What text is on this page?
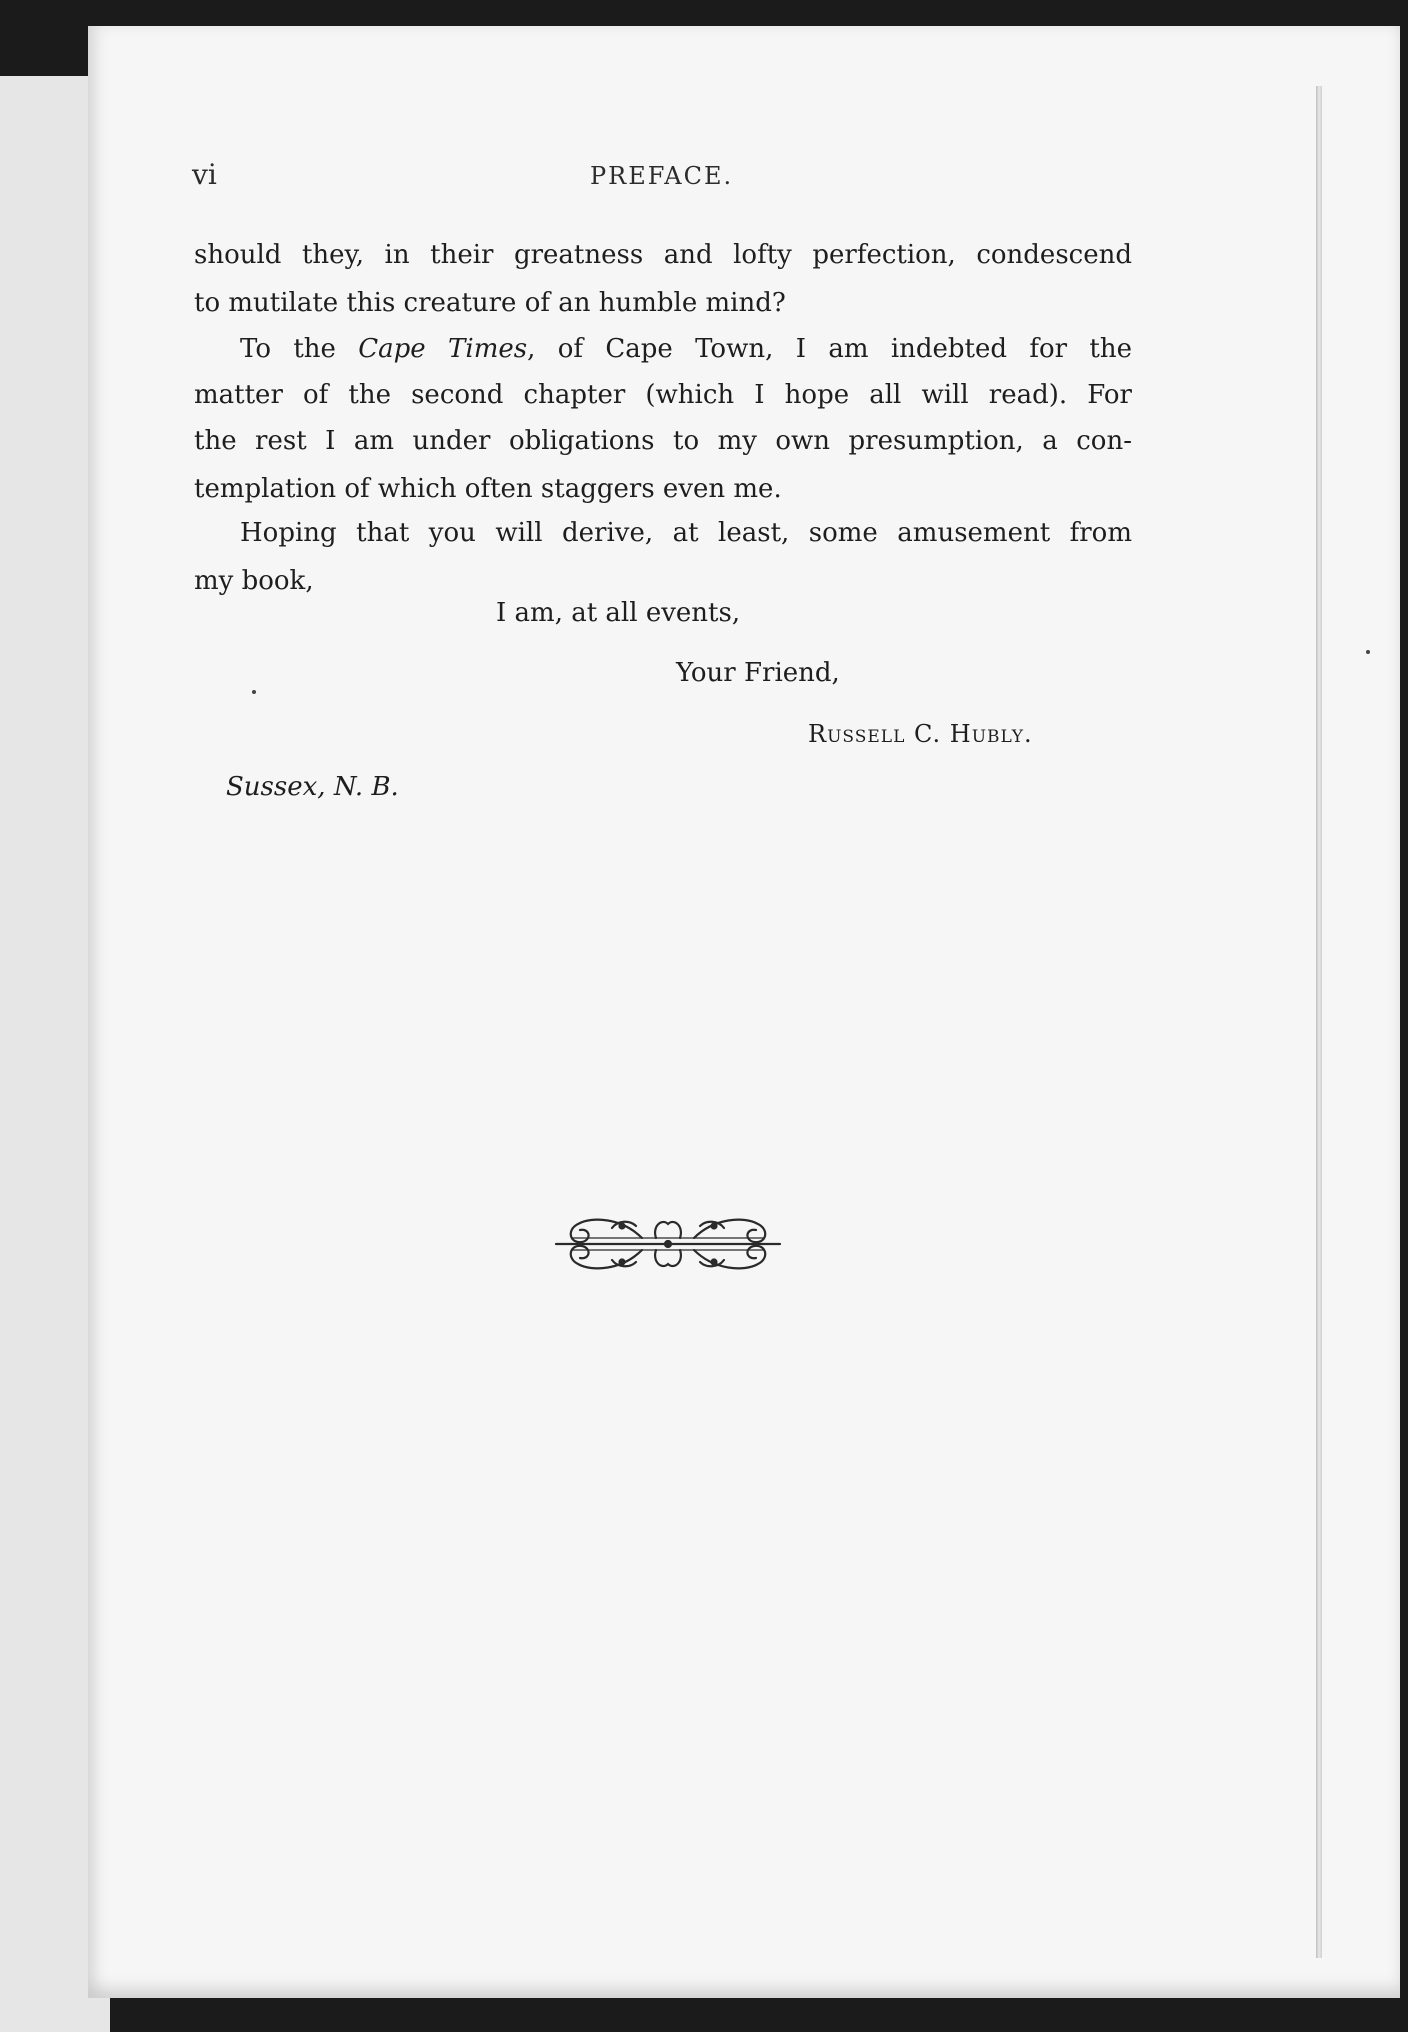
vi	PREFACE.
should they, in their greatness and lofty perfection, condescend
to mutilate this creature of an humble mind?
To the Cape Times, of Cape Town, I am indebted for the
matter of the second chapter (which I hope all will read). For
the rest I am under obligations to my own presumption, a con-
templation of which often staggers even me.
Hoping that you will derive, at least, some amusement from
my book,
I am, at all events,
Your Friend,
Russell C. Hubly.
Sussex, N. B.
